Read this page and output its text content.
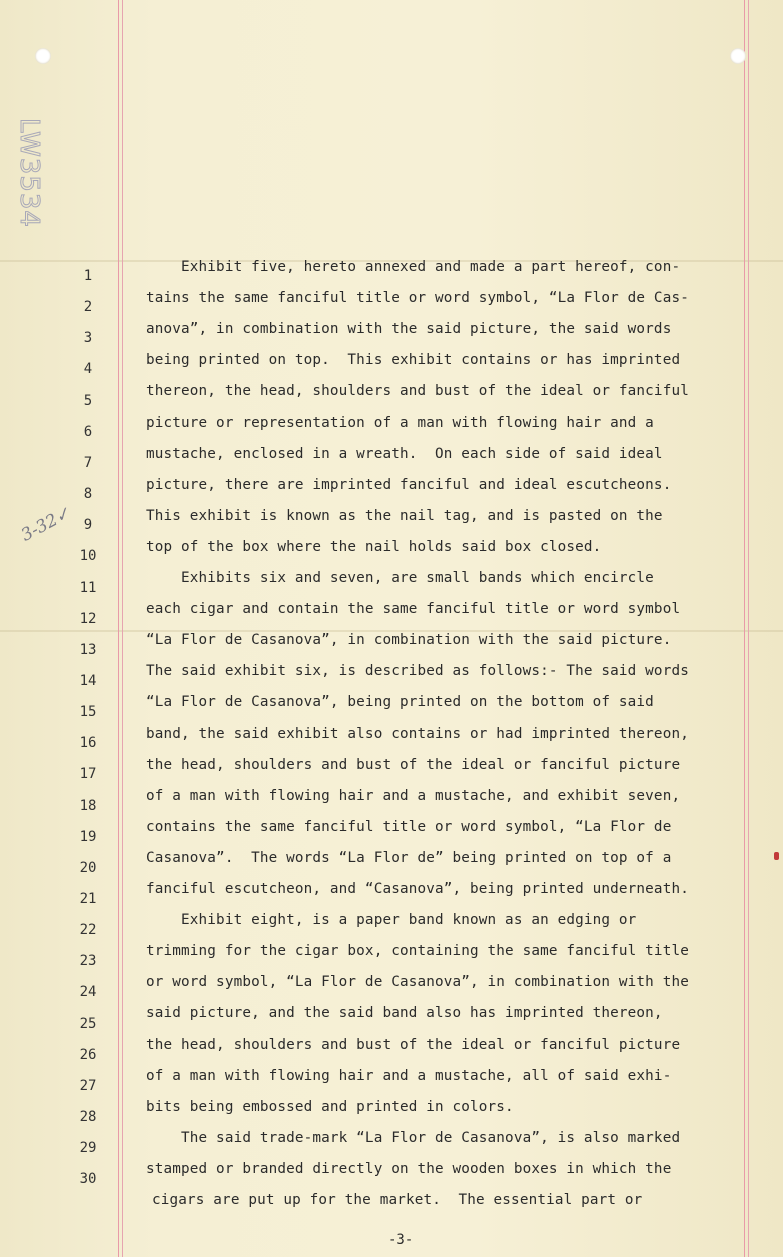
LW3534
3-32✓
1
2
3
4
5
6
7
8
9
10
11
12
13
14
15
16
17
18
19
20
21
22
23
24
25
26
27
28
29
30
Exhibit five, hereto annexed and made a part hereof, con-
tains the same fanciful title or word symbol, “La Flor de Cas-
anova”, in combination with the said picture, the said words
being printed on top.  This exhibit contains or has imprinted
thereon, the head, shoulders and bust of the ideal or fanciful
picture or representation of a man with flowing hair and a
mustache, enclosed in a wreath.  On each side of said ideal
picture, there are imprinted fanciful and ideal escutcheons.
This exhibit is known as the nail tag, and is pasted on the
top of the box where the nail holds said box closed.
Exhibits six and seven, are small bands which encircle
each cigar and contain the same fanciful title or word symbol
“La Flor de Casanova”, in combination with the said picture.
The said exhibit six, is described as follows:- The said words
“La Flor de Casanova”, being printed on the bottom of said
band, the said exhibit also contains or had imprinted thereon,
the head, shoulders and bust of the ideal or fanciful picture
of a man with flowing hair and a mustache, and exhibit seven,
contains the same fanciful title or word symbol, “La Flor de
Casanova”.  The words “La Flor de” being printed on top of a
fanciful escutcheon, and “Casanova”, being printed underneath.
Exhibit eight, is a paper band known as an edging or
trimming for the cigar box, containing the same fanciful title
or word symbol, “La Flor de Casanova”, in combination with the
said picture, and the said band also has imprinted thereon,
the head, shoulders and bust of the ideal or fanciful picture
of a man with flowing hair and a mustache, all of said exhi-
bits being embossed and printed in colors.
The said trade-mark “La Flor de Casanova”, is also marked
stamped or branded directly on the wooden boxes in which the
cigars are put up for the market.  The essential part or
-3-
